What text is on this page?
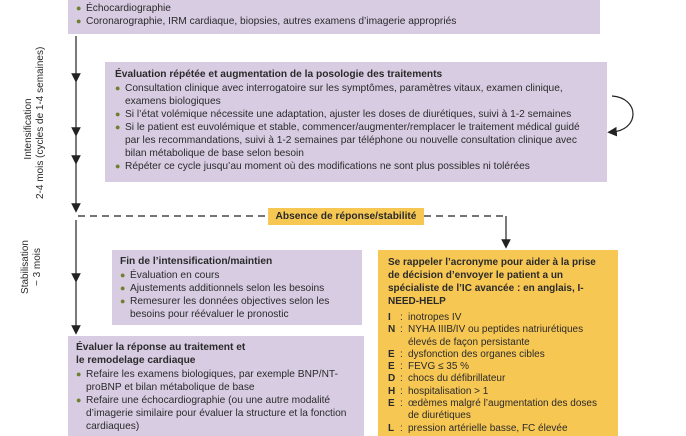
● Échocardiographie
● Coronarographie, IRM cardiaque, biopsies, autres examens d’imagerie appropriés
Intensification 2-4 mois (cycles de 1-4 semaines)
Stabilisation ~ 3 mois
Évaluation répétée et augmentation de la posologie des traitements
● Consultation clinique avec interrogatoire sur les symptômes, paramètres vitaux, examen clinique, examens biologiques
● Si l’état volémique nécessite une adaptation, ajuster les doses de diurétiques, suivi à 1-2 semaines
● Si le patient est euvolémique et stable, commencer/augmenter/remplacer le traitement médical guidé par les recommandations, suivi à 1-2 semaines par téléphone ou nouvelle consultation clinique avec bilan métabolique de base selon besoin
● Répéter ce cycle jusqu’au moment où des modifications ne sont plus possibles ni tolérées
Absence de réponse/stabilité
Fin de l’intensification/maintien
● Évaluation en cours
● Ajustements additionnels selon les besoins
● Remesurer les données objectives selon les besoins pour réévaluer le pronostic
Évaluer la réponse au traitement et le remodelage cardiaque
● Refaire les examens biologiques, par exemple BNP/NT-proBNP et bilan métabolique de base
● Refaire une échocardiographie (ou une autre modalité d’imagerie similaire pour évaluer la structure et la fonction cardiaques)
Se rappeler l’acronyme pour aider à la prise de décision d’envoyer le patient a un spécialiste de l’IC avancée : en anglais, I-NEED-HELP
I : inotropes IV
N : NYHA IIIB/IV ou peptides natriurétiques élevés de façon persistante
E : dysfonction des organes cibles
E : FEVG ≤ 35 %
D : chocs du défibrillateur
H : hospitalisation > 1
E : œdèmes malgré l’augmentation des doses de diurétiques
L : pression artérielle basse, FC élevée
